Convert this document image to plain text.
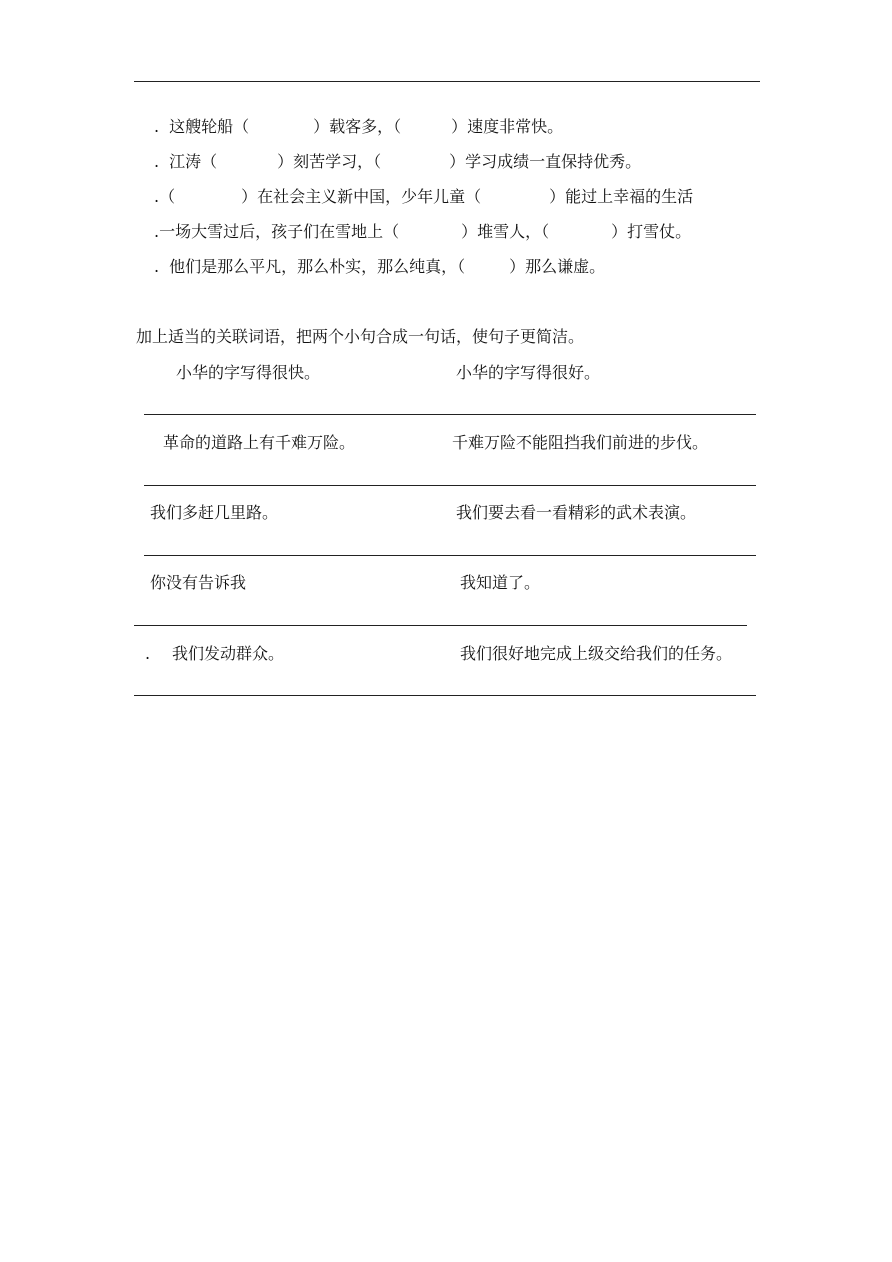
. 这艘轮船（	）载客多，（	）速度非常快。
. 江涛（	）刻苦学习，（	）学习成绩一直保持优秀。
.（	）在社会主义新中国，少年儿童（	）能过上幸福的生活
.一场大雪过后，孩子们在雪地上（	）堆雪人，（	）打雪仗。
. 他们是那么平凡，那么朴实，那么纯真，（	）那么谦虚。
加上适当的关联词语，把两个小句合成一句话，使句子更简洁。
小华的字写得很快。	小华的字写得很好。
革命的道路上有千难万险。	千难万险不能阻挡我们前进的步伐。
我们多赶几里路。	我们要去看一看精彩的武术表演。
你没有告诉我	我知道了。
. 我们发动群众。	我们很好地完成上级交给我们的任务。
